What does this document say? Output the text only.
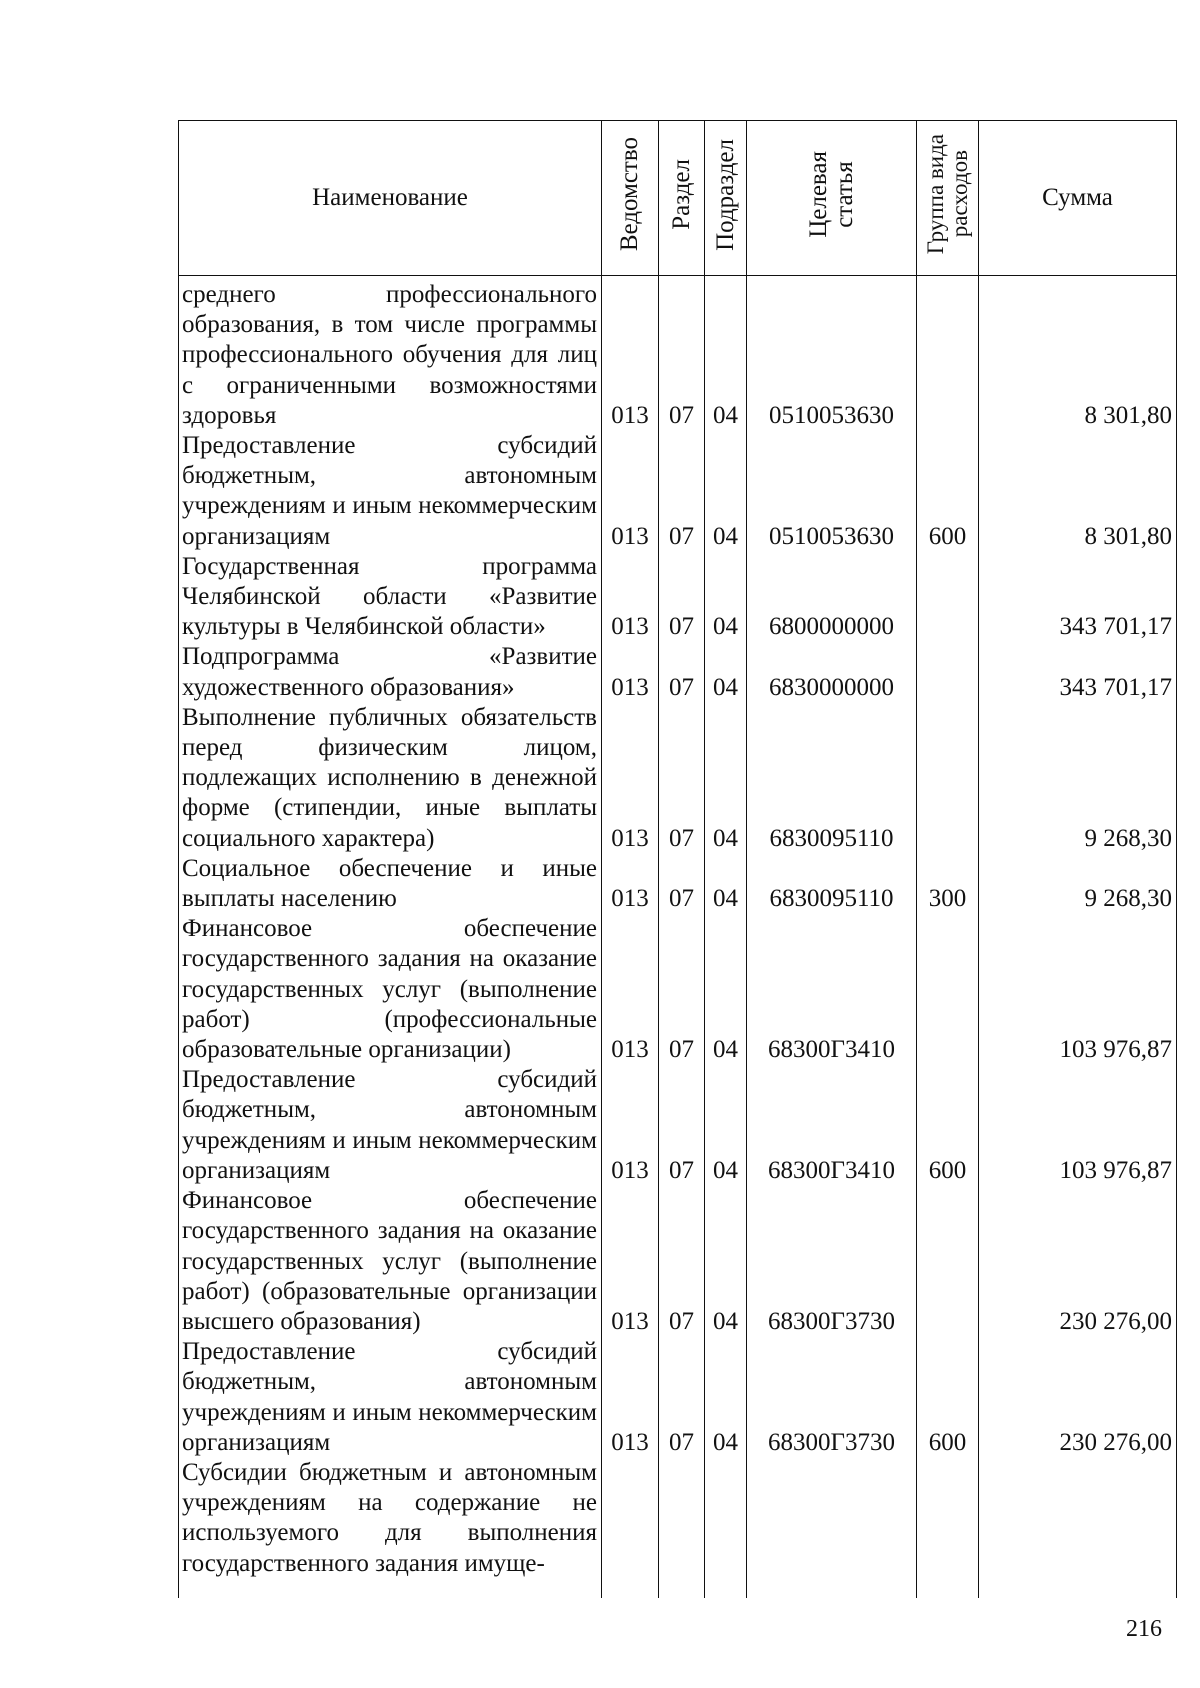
Наименование	Ведомство	Раздел	Подраздел	Целевая статья	Группа вида расходов	Сумма
среднего профессионального образования, в том числе программы профессионального обучения для лиц с ограниченными возможностями здоровья	013	07	04	0510053630		8 301,80
Предоставление субсидий бюджетным, автономным учреждениям и иным некоммерческим организациям	013	07	04	0510053630	600	8 301,80
Государственная программа Челябинской области «Развитие культуры в Челябинской области»	013	07	04	6800000000		343 701,17
Подпрограмма «Развитие художественного образования»	013	07	04	6830000000		343 701,17
Выполнение публичных обязательств перед физическим лицом, подлежащих исполнению в денежной форме (стипендии, иные выплаты социального характера)	013	07	04	6830095110		9 268,30
Социальное обеспечение и иные выплаты населению	013	07	04	6830095110	300	9 268,30
Финансовое обеспечение государственного задания на оказание государственных услуг (выполнение работ) (профессиональные образовательные организации)	013	07	04	68300Г3410		103 976,87
Предоставление субсидий бюджетным, автономным учреждениям и иным некоммерческим организациям	013	07	04	68300Г3410	600	103 976,87
Финансовое обеспечение государственного задания на оказание государственных услуг (выполнение работ) (образовательные организации высшего образования)	013	07	04	68300Г3730		230 276,00
Предоставление субсидий бюджетным, автономным учреждениям и иным некоммерческим организациям	013	07	04	68300Г3730	600	230 276,00
Субсидии бюджетным и автономным учреждениям на содержание не используемого для выполнения государственного задания имуще-						
216
